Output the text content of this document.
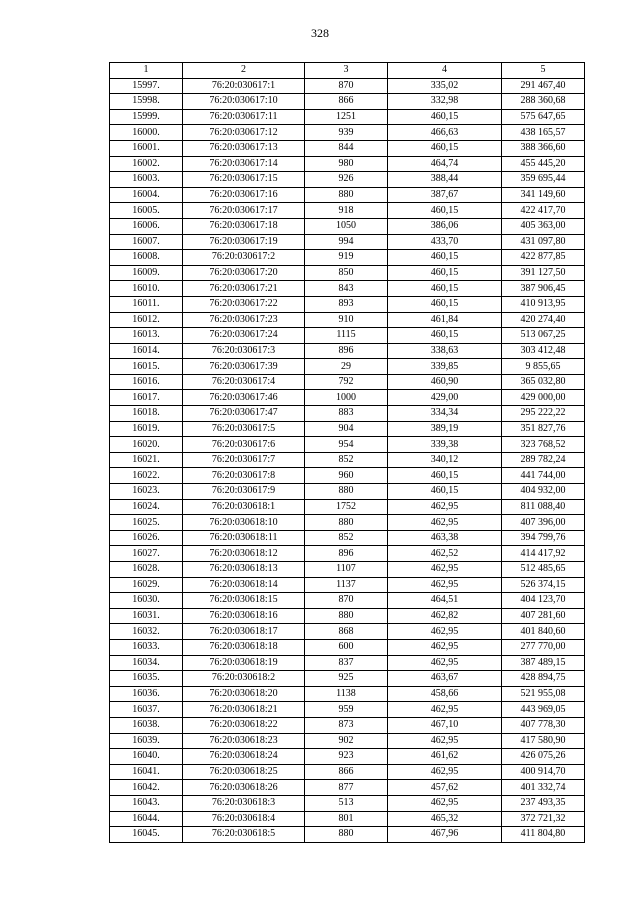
328
1	2	3	4	5
15997.	76:20:030617:1	870	335,02	291 467,40
15998.	76:20:030617:10	866	332,98	288 360,68
15999.	76:20:030617:11	1251	460,15	575 647,65
16000.	76:20:030617:12	939	466,63	438 165,57
16001.	76:20:030617:13	844	460,15	388 366,60
16002.	76:20:030617:14	980	464,74	455 445,20
16003.	76:20:030617:15	926	388,44	359 695,44
16004.	76:20:030617:16	880	387,67	341 149,60
16005.	76:20:030617:17	918	460,15	422 417,70
16006.	76:20:030617:18	1050	386,06	405 363,00
16007.	76:20:030617:19	994	433,70	431 097,80
16008.	76:20:030617:2	919	460,15	422 877,85
16009.	76:20:030617:20	850	460,15	391 127,50
16010.	76:20:030617:21	843	460,15	387 906,45
16011.	76:20:030617:22	893	460,15	410 913,95
16012.	76:20:030617:23	910	461,84	420 274,40
16013.	76:20:030617:24	1115	460,15	513 067,25
16014.	76:20:030617:3	896	338,63	303 412,48
16015.	76:20:030617:39	29	339,85	9 855,65
16016.	76:20:030617:4	792	460,90	365 032,80
16017.	76:20:030617:46	1000	429,00	429 000,00
16018.	76:20:030617:47	883	334,34	295 222,22
16019.	76:20:030617:5	904	389,19	351 827,76
16020.	76:20:030617:6	954	339,38	323 768,52
16021.	76:20:030617:7	852	340,12	289 782,24
16022.	76:20:030617:8	960	460,15	441 744,00
16023.	76:20:030617:9	880	460,15	404 932,00
16024.	76:20:030618:1	1752	462,95	811 088,40
16025.	76:20:030618:10	880	462,95	407 396,00
16026.	76:20:030618:11	852	463,38	394 799,76
16027.	76:20:030618:12	896	462,52	414 417,92
16028.	76:20:030618:13	1107	462,95	512 485,65
16029.	76:20:030618:14	1137	462,95	526 374,15
16030.	76:20:030618:15	870	464,51	404 123,70
16031.	76:20:030618:16	880	462,82	407 281,60
16032.	76:20:030618:17	868	462,95	401 840,60
16033.	76:20:030618:18	600	462,95	277 770,00
16034.	76:20:030618:19	837	462,95	387 489,15
16035.	76:20:030618:2	925	463,67	428 894,75
16036.	76:20:030618:20	1138	458,66	521 955,08
16037.	76:20:030618:21	959	462,95	443 969,05
16038.	76:20:030618:22	873	467,10	407 778,30
16039.	76:20:030618:23	902	462,95	417 580,90
16040.	76:20:030618:24	923	461,62	426 075,26
16041.	76:20:030618:25	866	462,95	400 914,70
16042.	76:20:030618:26	877	457,62	401 332,74
16043.	76:20:030618:3	513	462,95	237 493,35
16044.	76:20:030618:4	801	465,32	372 721,32
16045.	76:20:030618:5	880	467,96	411 804,80
